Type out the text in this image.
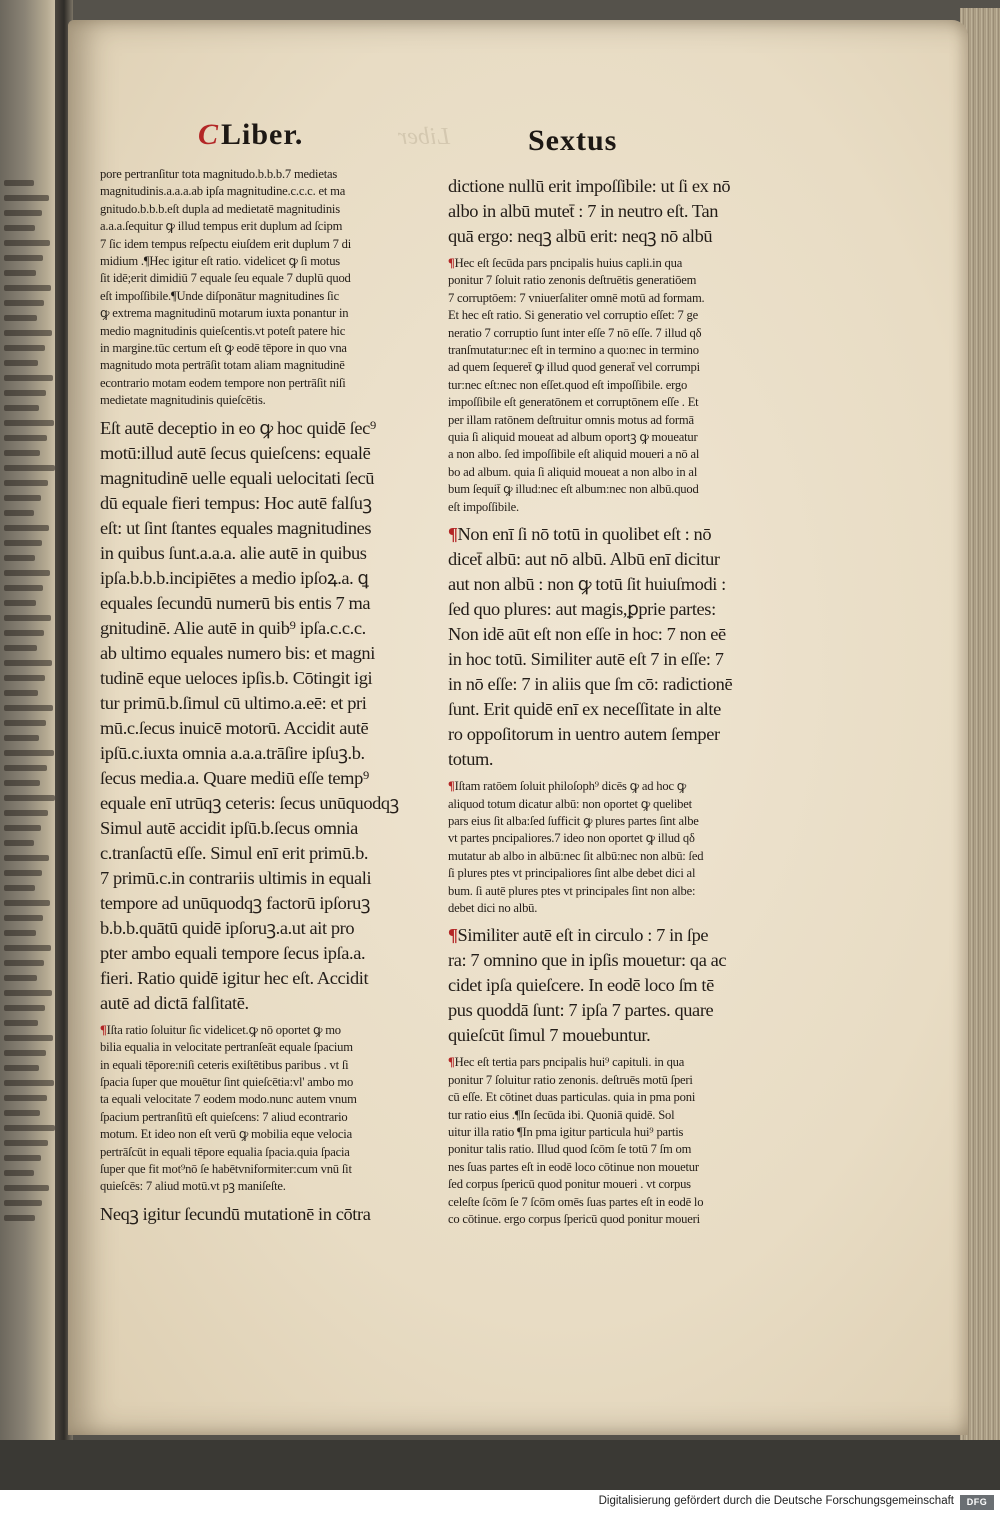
Liber
CLiber.	Sextus
pore pertranſitur tota magnitudo.b.b.b.7 medietas
magnitudinis.a.a.a.ab ipſa magnitudine.c.c.c. et ma
gnitudo.b.b.b.eſt dupla ad medietatē magnitudinis
a.a.a.ſequitur ꝙ illud tempus erit duplum ad ſcipm
7 ſic idem tempus reſpectu eiuſdem erit duplum 7 di
midium .¶Hec igitur eſt ratio. videlicet ꝙ ſi motus
ſit idē;erit dimidiū 7 equale ſeu equale 7 duplū quod
eſt impoſſibile.¶Unde diſponātur magnitudines ſic
ꝙ extrema magnitudinū motarum iuxta ponantur in
medio magnitudinis quieſcentis.vt poteſt patere hic
in margine.tūc certum eſt ꝙ eodē tēpore in quo vna
magnitudo mota pertrāſit totam aliam magnitudinē
econtrario motam eodem tempore non pertrāſit niſi
medietate magnitudinis quieſcētis.
Eſt autē deceptio in eo ꝙ hoc quidē ſec⁹
motū:illud autē ſecus quieſcens: equalē
magnitudinē uelle equali uelocitati ſecū
dū equale fieri tempus: Hoc autē falſuꝫ
eſt: ut ſint ſtantes equales magnitudines
in quibus ſunt.a.a.a. alie autē in quibus
ipſa.b.b.b.incipiētes a medio ipſoꝝ.a. ꝗ
equales ſecundū numerū bis entis 7 ma
gnitudinē. Alie autē in quib⁹ ipſa.c.c.c.
ab ultimo equales numero bis: et magni
tudinē eque ueloces ipſis.b. Cōtingit igi
tur primū.b.ſimul cū ultimo.a.eē: et pri
mū.c.ſecus inuicē motorū. Accidit autē
ipſū.c.iuxta omnia a.a.a.trāſire ipſuꝫ.b.
ſecus media.a. Quare mediū eſſe temp⁹
equale enī utrūqꝫ ceteris: ſecus unūquodqꝫ
Simul autē accidit ipſū.b.ſecus omnia
c.tranſactū eſſe. Simul enī erit primū.b.
7 primū.c.in contrariis ultimis in equali
tempore ad unūquodqꝫ factorū ipſoruꝫ
b.b.b.quātū quidē ipſoruꝫ.a.ut ait pro
pter ambo equali tempore ſecus ipſa.a.
fieri. Ratio quidē igitur hec eſt. Accidit
autē ad dictā falſitatē.
¶Iſta ratio ſoluitur ſic videlicet.ꝙ nō oportet ꝙ mo
bilia equalia in velocitate pertranſeāt equale ſpacium
in equali tēpore:niſi ceteris exiſtētibus paribus . vt ſi
ſpacia ſuper que mouētur ſint quieſcētia:vl' ambo mo
ta equali velocitate 7 eodem modo.nunc autem vnum
ſpacium pertranſitū eſt quieſcens: 7 aliud econtrario
motum. Et ideo non eſt verū ꝙ mobilia eque velocia
pertrāſcūt in equali tēpore equalia ſpacia.quia ſpacia
ſuper que fit mot⁹nō ſe habētvniformiter:cum vnū ſit
quieſcēs: 7 aliud motū.vt pꝫ maniſeſte.
Neqꝫ igitur ſecundū mutationē in cōtra
dictione nullū erit impoſſibile: ut ſi ex nō
albo in albū mutet̄ : 7 in neutro eſt. Tan
quā ergo: neqꝫ albū erit: neqꝫ nō albū
¶Hec eſt ſecūda pars pncipalis huius capli.in qua
ponitur 7 ſoluit ratio zenonis deſtruētis generatiōem
7 corruptōem: 7 vniuerſaliter omnē motū ad formam.
Et hec eſt ratio. Si generatio vel corruptio eſſet: 7 ge
neratio 7 corruptio ſunt inter eſſe 7 nō eſſe. 7 illud qδ
tranſmutatur:nec eſt in termino a quo:nec in termino
ad quem ſequeret̄ ꝙ illud quod generat̄ vel corrumpi
tur:nec eſt:nec non eſſet.quod eſt impoſſibile. ergo
impoſſibile eſt generatōnem et corruptōnem eſſe . Et
per illam ratōnem deſtruitur omnis motus ad formā
quia ſi aliquid moueat ad album oportꝫ ꝙ moueatur
a non albo. ſed impoſſibile eſt aliquid moueri a nō al
bo ad album. quia ſi aliquid moueat a non albo in al
bum ſequit̄ ꝙ illud:nec eſt album:nec non albū.quod
eſt impoſſibile.
¶Non enī ſi nō totū in quolibet eſt : nō
dicet̄ albū: aut nō albū. Albū enī dicitur
aut non albū : non ꝙ totū ſit huiuſmodi :
ſed quo plures: aut magis,ꝑprie partes:
Non idē aūt eſt non eſſe in hoc: 7 non eē
in hoc totū. Similiter autē eſt 7 in eſſe: 7
in nō eſſe: 7 in aliis que ſm cō: radictionē
ſunt. Erit quidē enī ex neceſſitate in alte
ro oppoſitorum in uentro autem ſemper
totum.
¶Iſtam ratōem ſoluit philoſoph⁹ dicēs ꝙ ad hoc ꝙ
aliquod totum dicatur albū: non oportet ꝙ quelibet
pars eius ſit alba:ſed ſufficit ꝙ plures partes ſint albe
vt partes pncipaliores.7 ideo non oportet ꝙ illud qδ
mutatur ab albo in albū:nec ſit albū:nec non albū: ſed
ſi plures ptes vt principaliores ſint albe debet dici al
bum. ſi autē plures ptes vt principales ſint non albe:
debet dici no albū.
¶Similiter autē eſt in circulo : 7 in ſpe
ra: 7 omnino que in ipſis mouetur: qa ac
cidet ipſa quieſcere. In eodē loco ſm tē
pus quoddā ſunt: 7 ipſa 7 partes. quare
quieſcūt ſimul 7 mouebuntur.
¶Hec eſt tertia pars pncipalis hui⁹ capituli. in qua
ponitur 7 ſoluitur ratio zenonis. deſtruēs motū ſperi
cū eſſe. Et cōtinet duas particulas. quia in pma poni
tur ratio eius .¶In ſecūda ibi. Quoniā quidē. Sol
uitur illa ratio ¶In pma igitur particula hui⁹ partis
ponitur talis ratio. Illud quod ſcōm ſe totū 7 ſm om
nes ſuas partes eſt in eodē loco cōtinue non mouetur
ſed corpus ſpericū quod ponitur moueri . vt corpus
celeſte ſcōm ſe 7 ſcōm omēs ſuas partes eſt in eodē lo
co cōtinue. ergo corpus ſpericū quod ponitur moueri
Digitalisierung gefördert durch die Deutsche Forschungsgemeinschaft	DFG
